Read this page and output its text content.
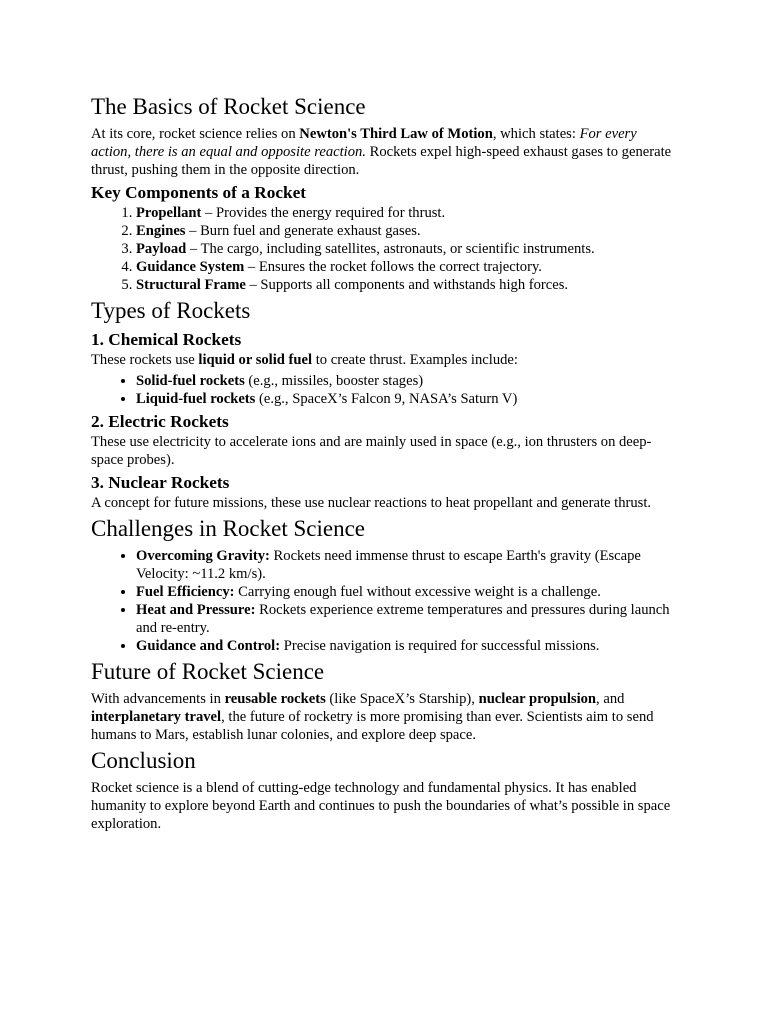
The Basics of Rocket Science

At its core, rocket science relies on Newton's Third Law of Motion, which states: For every action, there is an equal and opposite reaction. Rockets expel high-speed exhaust gases to generate thrust, pushing them in the opposite direction.

Key Components of a Rocket
1. Propellant – Provides the energy required for thrust.
2. Engines – Burn fuel and generate exhaust gases.
3. Payload – The cargo, including satellites, astronauts, or scientific instruments.
4. Guidance System – Ensures the rocket follows the correct trajectory.
5. Structural Frame – Supports all components and withstands high forces.
Types of Rockets
1. Chemical Rockets

These rockets use liquid or solid fuel to create thrust. Examples include:

• Solid-fuel rockets (e.g., missiles, booster stages)
• Liquid-fuel rockets (e.g., SpaceX’s Falcon 9, NASA’s Saturn V)
2. Electric Rockets

These use electricity to accelerate ions and are mainly used in space (e.g., ion thrusters on deep-space probes).

3. Nuclear Rockets

A concept for future missions, these use nuclear reactions to heat propellant and generate thrust.

Challenges in Rocket Science
• Overcoming Gravity: Rockets need immense thrust to escape Earth's gravity (Escape Velocity: ~11.2 km/s).
• Fuel Efficiency: Carrying enough fuel without excessive weight is a challenge.
• Heat and Pressure: Rockets experience extreme temperatures and pressures during launch and re-entry.
• Guidance and Control: Precise navigation is required for successful missions.
Future of Rocket Science

With advancements in reusable rockets (like SpaceX’s Starship), nuclear propulsion, and interplanetary travel, the future of rocketry is more promising than ever. Scientists aim to send humans to Mars, establish lunar colonies, and explore deep space.

Conclusion

Rocket science is a blend of cutting-edge technology and fundamental physics. It has enabled humanity to explore beyond Earth and continues to push the boundaries of what’s possible in space exploration.
